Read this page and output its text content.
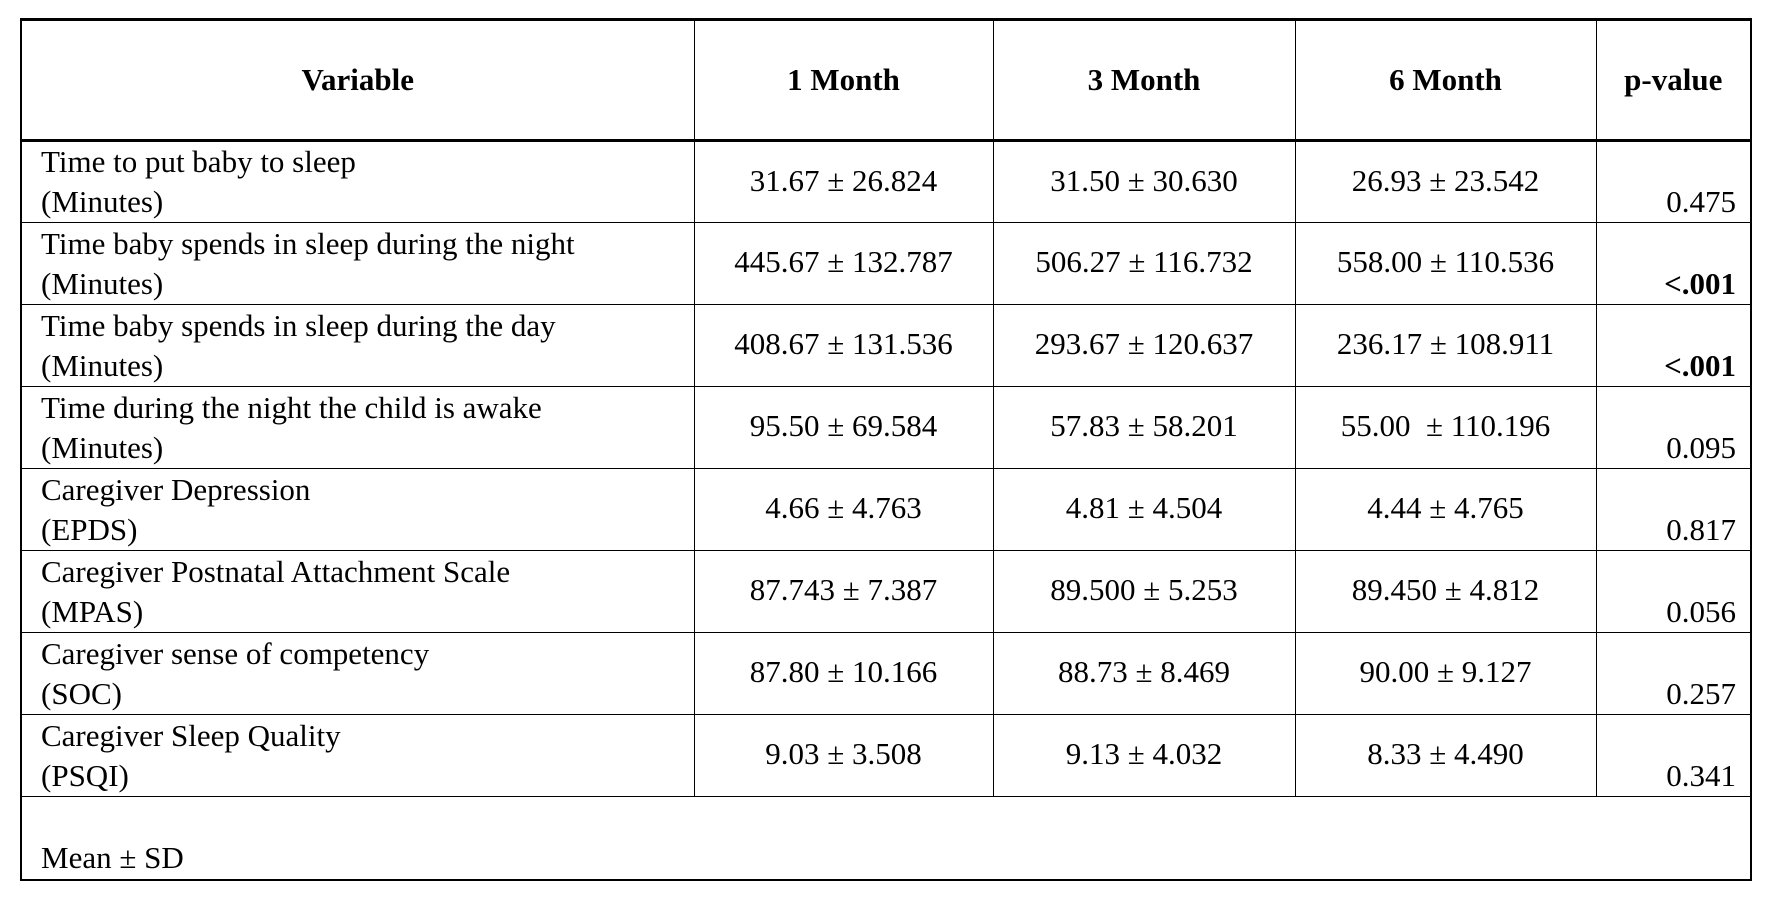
Variable	1 Month	3 Month	6 Month	p-value

Time to put baby to sleep
(Minutes)	31.67 ± 26.824	31.50 ± 30.630	26.93 ± 23.542	0.475

Time baby spends in sleep during the night
(Minutes)	445.67 ± 132.787	506.27 ± 116.732	558.00 ± 110.536	<.001

Time baby spends in sleep during the day
(Minutes)	408.67 ± 131.536	293.67 ± 120.637	236.17 ± 108.911	<.001

Time during the night the child is awake
(Minutes)	95.50 ± 69.584	57.83 ± 58.201	55.00  ± 110.196	0.095

Caregiver Depression
(EPDS)	4.66 ± 4.763	4.81 ± 4.504	4.44 ± 4.765	0.817

Caregiver Postnatal Attachment Scale
(MPAS)	87.743 ± 7.387	89.500 ± 5.253	89.450 ± 4.812	0.056

Caregiver sense of competency
(SOC)	87.80 ± 10.166	88.73 ± 8.469	90.00 ± 9.127	0.257

Caregiver Sleep Quality
(PSQI)	9.03 ± 3.508	9.13 ± 4.032	8.33 ± 4.490	0.341
Mean ± SD				
